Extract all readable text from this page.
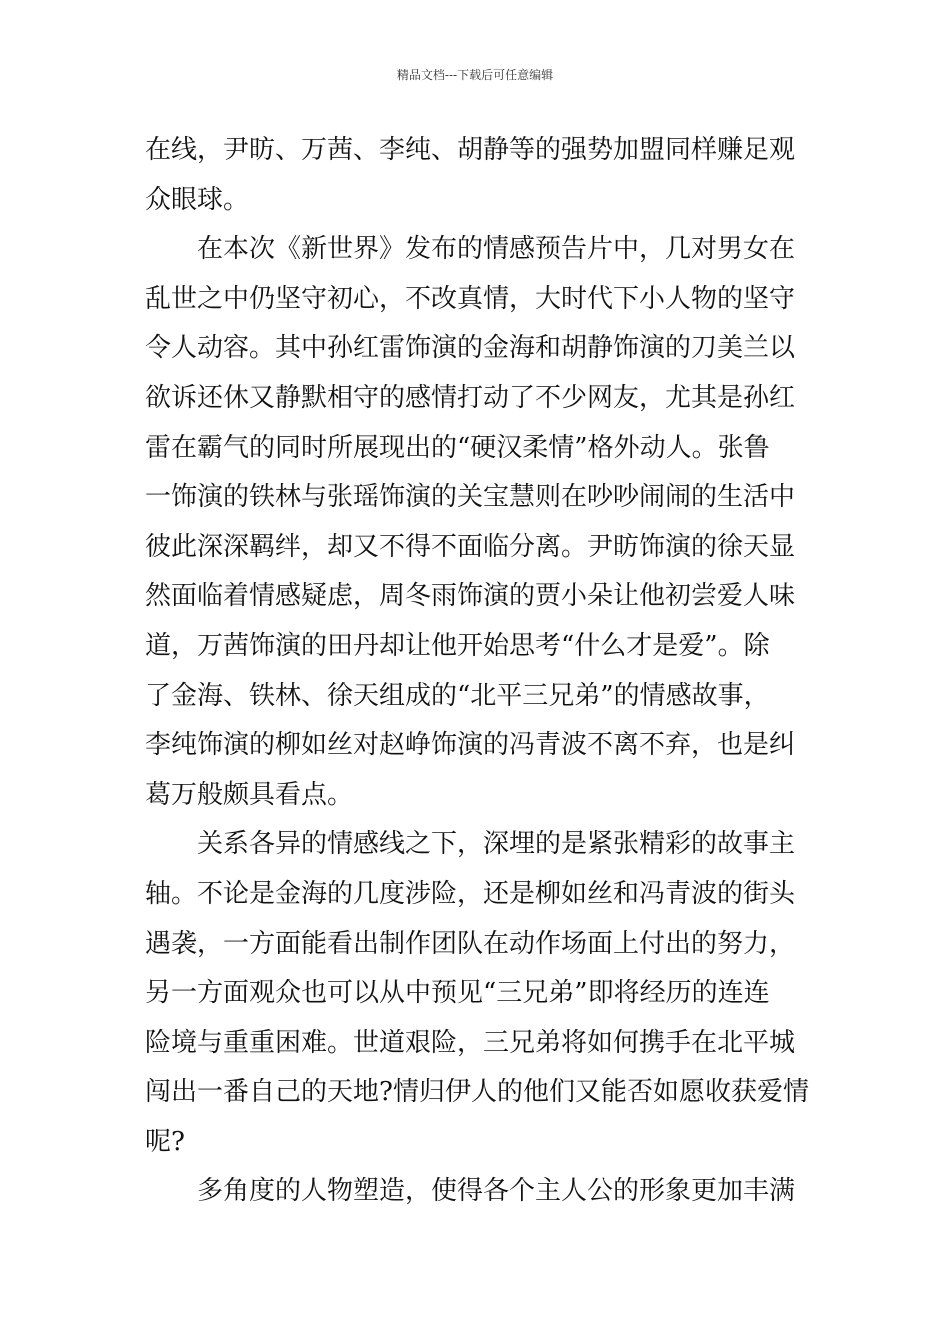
精品文档---下载后可任意编辑
在线，尹昉、万茜、李纯、胡静等的强势加盟同样赚足观
众眼球。
在本次《新世界》发布的情感预告片中，几对男女在
乱世之中仍坚守初心，不改真情，大时代下小人物的坚守
令人动容。其中孙红雷饰演的金海和胡静饰演的刀美兰以
欲诉还休又静默相守的感情打动了不少网友，尤其是孙红
雷在霸气的同时所展现出的“硬汉柔情”格外动人。张鲁
一饰演的铁林与张瑶饰演的关宝慧则在吵吵闹闹的生活中
彼此深深羁绊，却又不得不面临分离。尹昉饰演的徐天显
然面临着情感疑虑，周冬雨饰演的贾小朵让他初尝爱人味
道，万茜饰演的田丹却让他开始思考“什么才是爱”。除
了金海、铁林、徐天组成的“北平三兄弟”的情感故事，
李纯饰演的柳如丝对赵峥饰演的冯青波不离不弃，也是纠
葛万般颇具看点。
关系各异的情感线之下，深埋的是紧张精彩的故事主
轴。不论是金海的几度涉险，还是柳如丝和冯青波的街头
遇袭，一方面能看出制作团队在动作场面上付出的努力，
另一方面观众也可以从中预见“三兄弟”即将经历的连连
险境与重重困难。世道艰险，三兄弟将如何携手在北平城
闯出一番自己的天地?情归伊人的他们又能否如愿收获爱情
呢?
多角度的人物塑造，使得各个主人公的形象更加丰满
